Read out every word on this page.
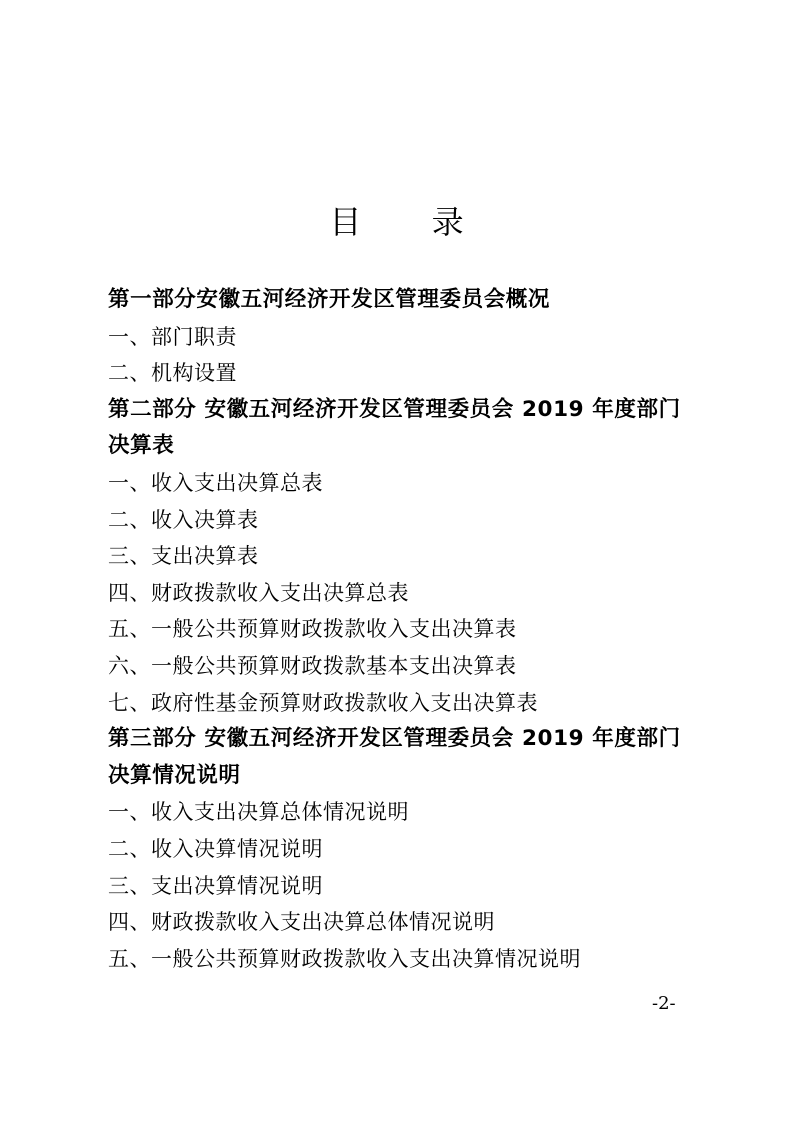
目 录
第一部分安徽五河经济开发区管理委员会概况
一、部门职责
二、机构设置
第二部分 安徽五河经济开发区管理委员会 2019 年度部门决算表
一、收入支出决算总表
二、收入决算表
三、支出决算表
四、财政拨款收入支出决算总表
五、一般公共预算财政拨款收入支出决算表
六、一般公共预算财政拨款基本支出决算表
七、政府性基金预算财政拨款收入支出决算表
第三部分 安徽五河经济开发区管理委员会 2019 年度部门决算情况说明
一、收入支出决算总体情况说明
二、收入决算情况说明
三、支出决算情况说明
四、财政拨款收入支出决算总体情况说明
五、一般公共预算财政拨款收入支出决算情况说明
-2-
